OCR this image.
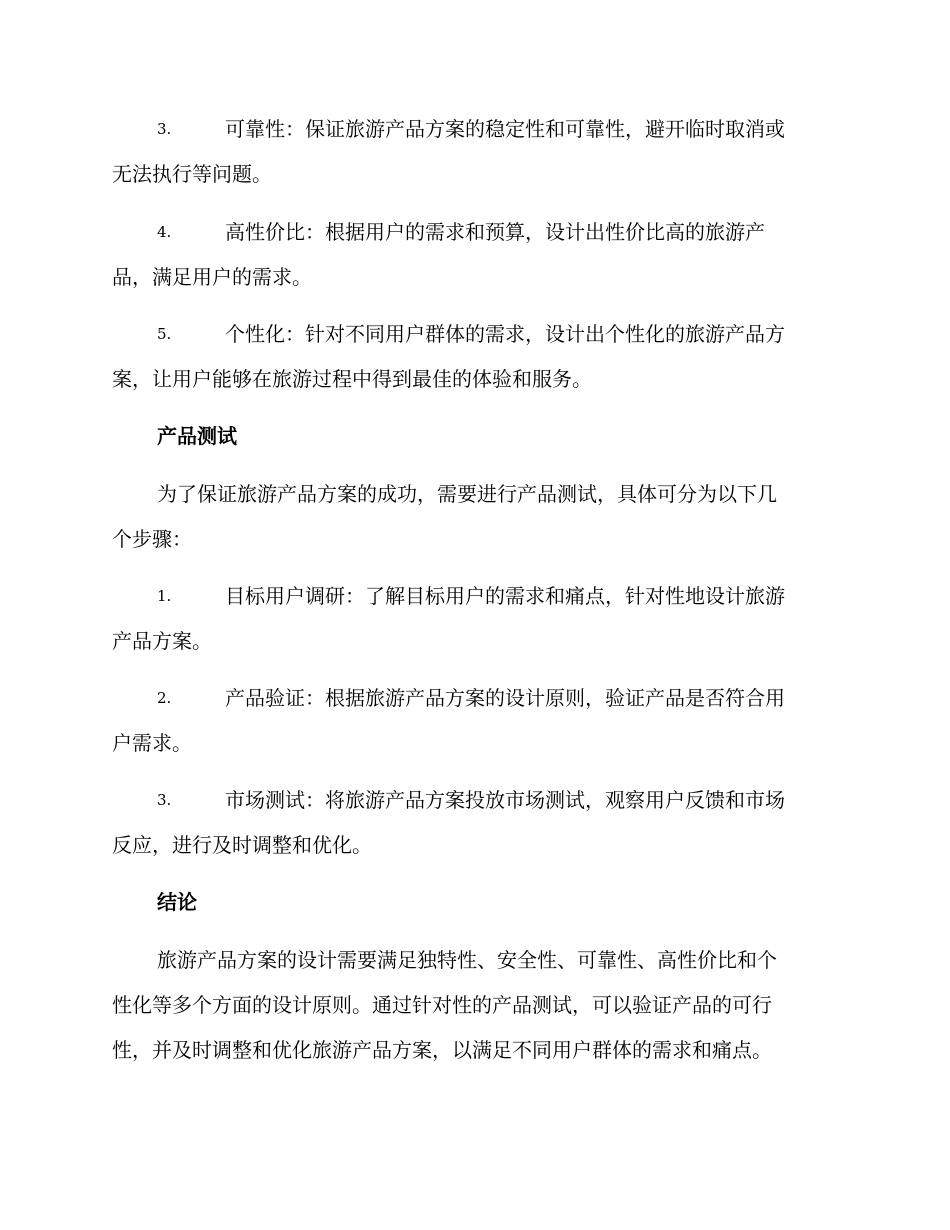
3.	可靠性：保证旅游产品方案的稳定性和可靠性，避开临时取消或
无法执行等问题。
4.	高性价比：根据用户的需求和预算，设计出性价比高的旅游产
品，满足用户的需求。
5.	个性化：针对不同用户群体的需求，设计出个性化的旅游产品方
案，让用户能够在旅游过程中得到最佳的体验和服务。
产品测试
为了保证旅游产品方案的成功，需要进行产品测试，具体可分为以下几
个步骤：
1.	目标用户调研：了解目标用户的需求和痛点，针对性地设计旅游
产品方案。
2.	产品验证：根据旅游产品方案的设计原则，验证产品是否符合用
户需求。
3.	市场测试：将旅游产品方案投放市场测试，观察用户反馈和市场
反应，进行及时调整和优化。
结论
旅游产品方案的设计需要满足独特性、安全性、可靠性、高性价比和个
性化等多个方面的设计原则。通过针对性的产品测试，可以验证产品的可行
性，并及时调整和优化旅游产品方案，以满足不同用户群体的需求和痛点。
